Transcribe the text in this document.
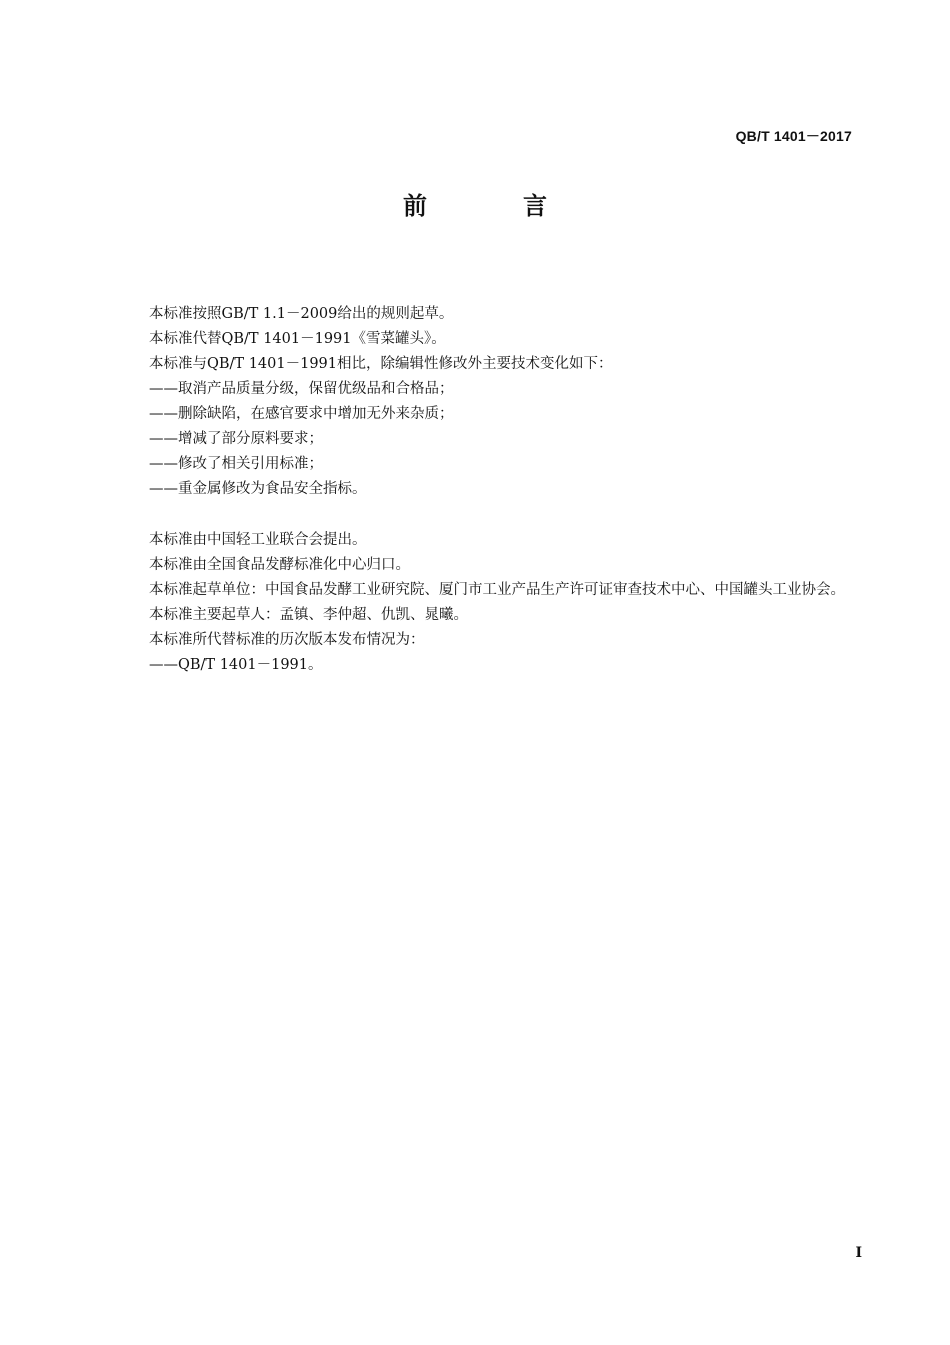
QB/T 1401－2017
前　言

本标准按照GB/T 1.1－2009给出的规则起草。

本标准代替QB/T 1401－1991《雪菜罐头》。

本标准与QB/T 1401－1991相比，除编辑性修改外主要技术变化如下：

——取消产品质量分级，保留优级品和合格品；

——删除缺陷，在感官要求中增加无外来杂质；

——增减了部分原料要求；

——修改了相关引用标准；

——重金属修改为食品安全指标。

本标准由中国轻工业联合会提出。

本标准由全国食品发酵标准化中心归口。

本标准起草单位：中国食品发酵工业研究院、厦门市工业产品生产许可证审查技术中心、中国罐头工业协会。

本标准主要起草人：孟镇、李仲超、仇凯、晁曦。

本标准所代替标准的历次版本发布情况为：

——QB/T 1401－1991。

I
